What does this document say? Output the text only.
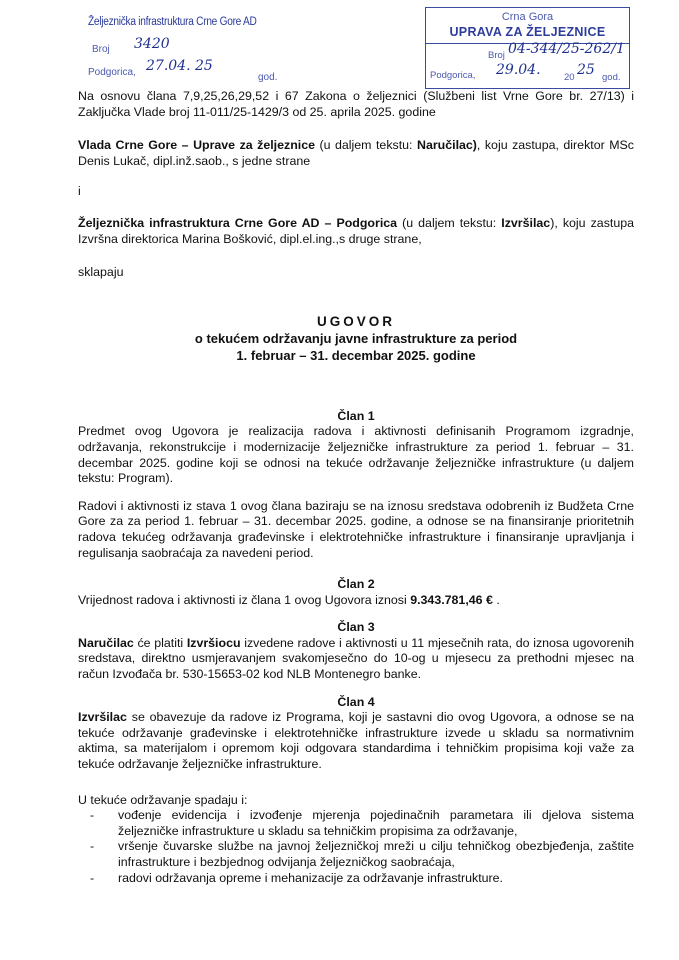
Željeznička infrastruktura Crne Gore AD
Broj 3420
Podgorica, 27.04. 25
god.
Crna Gora
UPRAVA ZA ŽELJEZNICE
Broj 04-344/25-262/1
Podgorica, 29.04. 20 25 god.

Na osnovu člana 7,9,25,26,29,52 i 67 Zakona o željeznici (Službeni list Vrne Gore br. 27/13) i Zaključka Vlade broj 11-011/25-1429/3 od 25. aprila 2025. godine

Vlada Crne Gore – Uprave za željeznice (u daljem tekstu: Naručilac), koju zastupa, direktor MSc Denis Lukač, dipl.inž.saob., s jedne strane

i

Željeznička infrastruktura Crne Gore AD – Podgorica (u daljem tekstu: Izvršilac), koju zastupa Izvršna direktorica Marina Bošković, dipl.el.ing.,s druge strane,

sklapaju

UGOVOR

o tekućem održavanju javne infrastrukture za period

1. februar – 31. decembar 2025. godine

Član 1

Predmet ovog Ugovora je realizacija radova i aktivnosti definisanih Programom izgradnje, održavanja, rekonstrukcije i modernizacije željezničke infrastrukture za period 1. februar – 31. decembar 2025. godine koji se odnosi na tekuće održavanje željezničke infrastrukture (u daljem tekstu: Program).

Radovi i aktivnosti iz stava 1 ovog člana baziraju se na iznosu sredstava odobrenih iz Budžeta Crne Gore za za period 1. februar – 31. decembar 2025. godine, a odnose se na finansiranje prioritetnih radova tekućeg održavanja građevinske i elektrotehničke infrastrukture i finansiranje upravljanja i regulisanja saobraćaja za navedeni period.

Član 2

Vrijednost radova i aktivnosti iz člana 1 ovog Ugovora iznosi 9.343.781,46 € .

Član 3

Naručilac će platiti Izvršiocu izvedene radove i aktivnosti u 11 mjesečnih rata, do iznosa ugovorenih sredstava, direktno usmjeravanjem svakomjesečno do 10-og u mjesecu za prethodni mjesec na račun Izvođača br. 530-15653-02 kod NLB Montenegro banke.

Član 4

Izvršilac se obavezuje da radove iz Programa, koji je sastavni dio ovog Ugovora, a odnose se na tekuće održavanje građevinske i elektrotehničke infrastrukture izvede u skladu sa normativnim aktima, sa materijalom i opremom koji odgovara standardima i tehničkim propisima koji važe za tekuće održavanje željezničke infrastrukture.

U tekuće održavanje spadaju i:

- vođenje evidencija i izvođenje mjerenja pojedinačnih parametara ili djelova sistema željezničke infrastrukture u skladu sa tehničkim propisima za održavanje,
- vršenje čuvarske službe na javnoj željezničkoj mreži u cilju tehničkog obezbjeđenja, zaštite infrastrukture i bezbjednog odvijanja željezničkog saobraćaja,
- radovi održavanja opreme i mehanizacije za održavanje infrastrukture.
